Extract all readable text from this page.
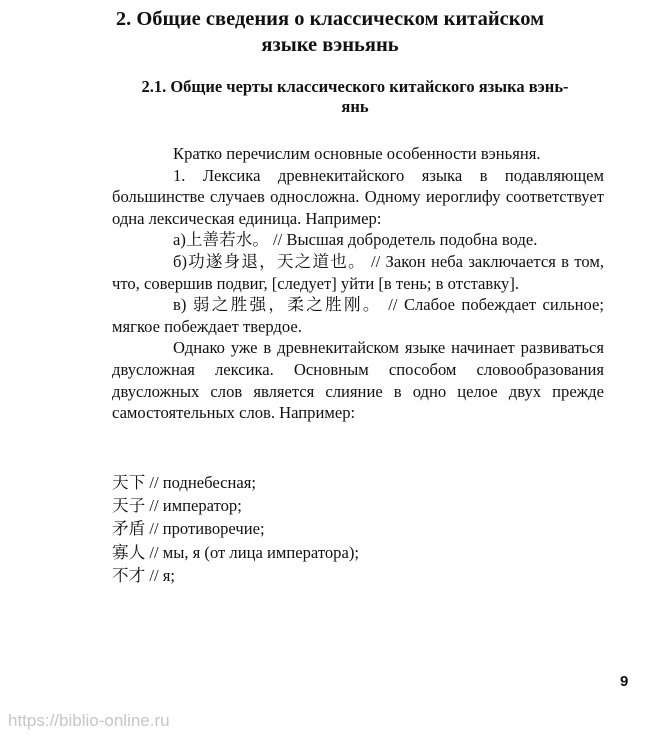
2. Общие сведения о классическом китайском
языке вэньянь
2.1. Общие черты классического китайского языка вэнь-
янь

Кратко перечислим основные особенности вэньяня.

1. Лексика древнекитайского языка в подавляющем большинстве случаев односложна. Одному иероглифу соответствует одна лексическая единица. Например:

а)上善若水。 // Высшая добродетель подобна воде.

б)功遂身退，天之道也。 // Закон неба заключается в том, что, совершив подвиг, [следует] уйти [в тень; в отставку].

в) 弱之胜强，柔之胜刚。 // Слабое побеждает сильное; мягкое побеждает твердое.

Однако уже в древнекитайском языке начинает развиваться двусложная лексика. Основным способом словообразования двусложных слов является слияние в одно целое двух прежде самостоятельных слов. Например:

天下 // поднебесная;
天子 // император;
矛盾 // противоречие;
寡人 // мы, я (от лица императора);
不才 // я;
9
https://biblio-online.ru
